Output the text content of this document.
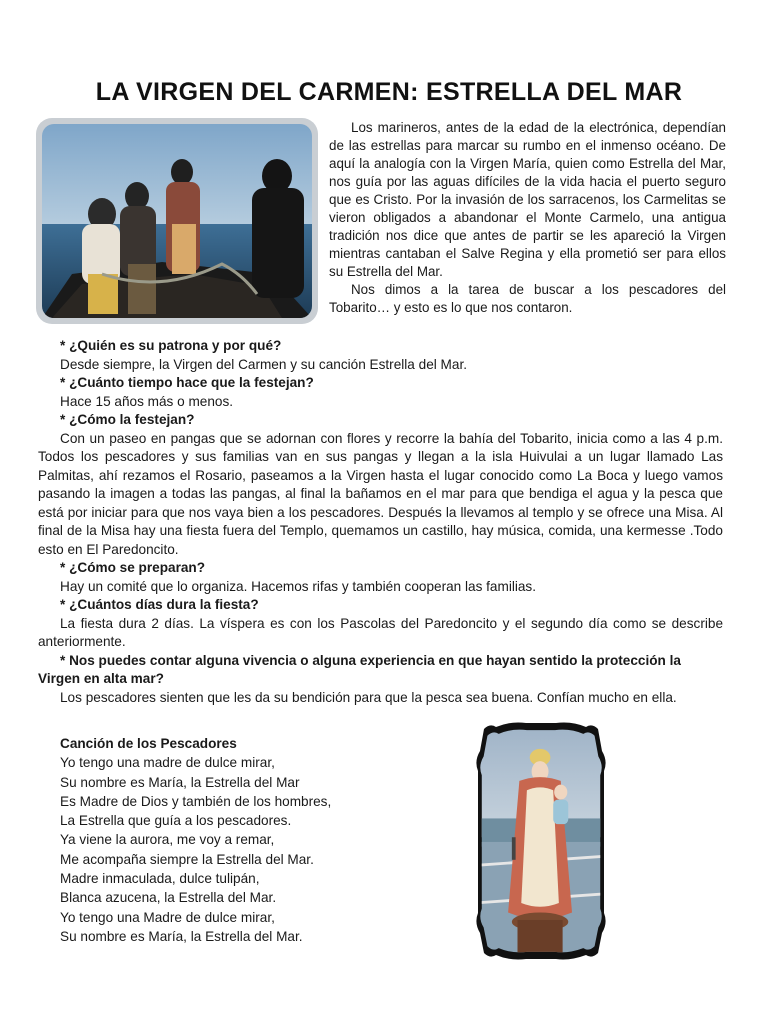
LA VIRGEN DEL CARMEN: ESTRELLA DEL MAR

Los marineros, antes de la edad de la electrónica, dependían de las estrellas para marcar su rumbo en el inmenso océano. De aquí la analogía con la Virgen María, quien como Estrella del Mar, nos guía por las aguas difíciles de la vida hacia el puerto seguro que es Cristo. Por la invasión de los sarracenos, los Carmelitas se vieron obligados a abandonar el Monte Carmelo, una antigua tradición nos dice que antes de partir se les apareció la Virgen mientras cantaban el Salve Regina y ella prometió ser para ellos su Estrella del Mar.

Nos dimos a la tarea de buscar a los pescadores del Tobarito… y esto es lo que nos contaron.

* ¿Quién es su patrona y por qué?
Desde siempre, la Virgen del Carmen y su canción Estrella del Mar.
* ¿Cuánto tiempo hace que la festejan?
Hace 15 años más o menos.
* ¿Cómo la festejan?
Con un paseo en pangas que se adornan con flores y recorre la bahía del Tobarito, inicia como a las 4 p.m. Todos los pescadores y sus familias van en sus pangas y llegan a la isla Huivulai a un lugar llamado Las Palmitas, ahí rezamos el Rosario, paseamos a la Virgen hasta el lugar conocido como La Boca y luego vamos pasando la imagen a todas las pangas, al final la bañamos en el mar para que bendiga el agua y la pesca que está por iniciar para que nos vaya bien a los pescadores. Después la llevamos al templo y se ofrece una Misa. Al final de la Misa hay una fiesta fuera del Templo, quemamos un castillo, hay música, comida, una kermesse .Todo esto en El Paredoncito.
* ¿Cómo se preparan?
Hay un comité que lo organiza. Hacemos rifas y también cooperan las familias.
* ¿Cuántos días dura la fiesta?
La fiesta dura 2 días. La víspera es con los Pascolas del Paredoncito y el segundo día como se describe anteriormente.
* Nos puedes contar alguna vivencia o alguna experiencia en que hayan sentido la protección la Virgen en alta mar?
Los pescadores sienten que les da su bendición para que la pesca sea buena. Confían mucho en ella.
Canción de los Pescadores
Yo tengo una madre de dulce mirar,
Su nombre es María, la Estrella del Mar
Es Madre de Dios y también de los hombres,
La Estrella que guía a los pescadores.
Ya viene la aurora, me voy a remar,
Me acompaña siempre la Estrella del Mar.
Madre inmaculada, dulce tulipán,
Blanca azucena, la Estrella del Mar.
Yo tengo una Madre de dulce mirar,
Su nombre es María, la Estrella del Mar.
